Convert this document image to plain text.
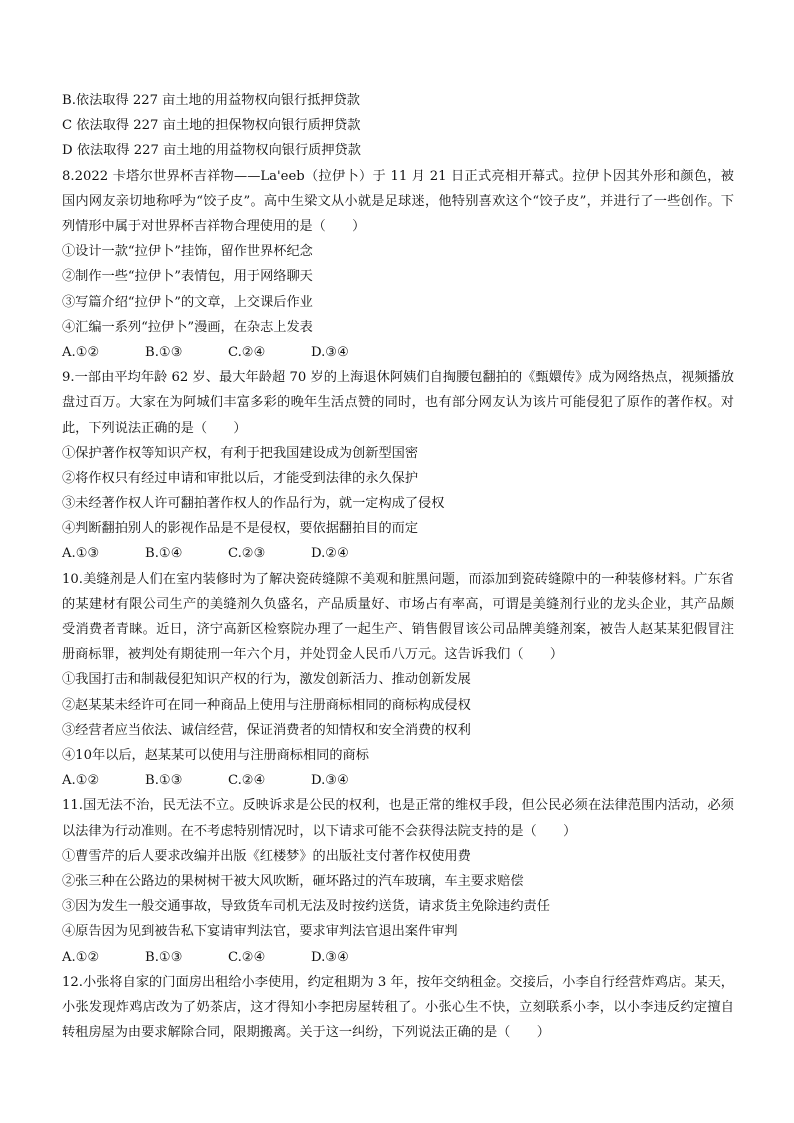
B.依法取得 227 亩土地的用益物权向银行抵押贷款
C 依法取得 227 亩土地的担保物权向银行质押贷款
D 依法取得 227 亩土地的用益物权向银行质押贷款
8.2022 卡塔尔世界杯吉祥物——La'eeb（拉伊卜）于 11 月 21 日正式亮相开幕式。拉伊卜因其外形和颜色，被国内网友亲切地称呼为“饺子皮”。高中生梁文从小就是足球迷，他特别喜欢这个“饺子皮”，并进行了一些创作。下列情形中属于对世界杯吉祥物合理使用的是（　　）
①设计一款“拉伊卜”挂饰，留作世界杯纪念
②制作一些“拉伊卜”表情包，用于网络聊天
③写篇介绍“拉伊卜”的文章，上交课后作业
④汇编一系列“拉伊卜”漫画，在杂志上发表
A.①②	B.①③	C.②④	D.③④
9.一部由平均年龄 62 岁、最大年龄超 70 岁的上海退休阿姨们自掏腰包翻拍的《甄嬛传》成为网络热点，视频播放盘过百万。大家在为阿城们丰富多彩的晚年生活点赞的同时，也有部分网友认为该片可能侵犯了原作的著作权。对此，下列说法正确的是（　　）
①保护著作权等知识产权，有利于把我国建设成为创新型国密
②将作权只有经过申请和审批以后，才能受到法律的永久保护
③未经著作权人许可翻拍著作权人的作品行为，就一定构成了侵权
④判断翻拍别人的影视作品是不是侵权，要依据翻拍目的而定
A.①③	B.①④	C.②③	D.②④
10.美缝剂是人们在室内装修时为了解决瓷砖缝隙不美观和脏黑问题，而添加到瓷砖缝隙中的一种装修材料。广东省的某建材有限公司生产的美缝剂久负盛名，产品质量好、市场占有率高，可谓是美缝剂行业的龙头企业，其产品颇受消费者青睐。近日，济宁高新区检察院办理了一起生产、销售假冒该公司品牌美缝剂案，被告人赵某某犯假冒注册商标罪，被判处有期徒刑一年六个月，并处罚金人民币八万元。这告诉我们（　　）
①我国打击和制裁侵犯知识产权的行为，激发创新活力、推动创新发展
②赵某某未经许可在同一种商品上使用与注册商标相同的商标构成侵权
③经营者应当依法、诚信经营，保证消费者的知情权和安全消费的权利
④10年以后，赵某某可以使用与注册商标相同的商标
A.①②	B.①③	C.②④	D.③④
11.国无法不治，民无法不立。反映诉求是公民的权利，也是正常的维权手段，但公民必须在法律范围内活动，必须以法律为行动准则。在不考虑特别情况时，以下请求可能不会获得法院支持的是（　　）
①曹雪芹的后人要求改编并出版《红楼梦》的出版社支付著作权使用费
②张三种在公路边的果树树干被大风吹断，砸坏路过的汽车玻璃，车主要求赔偿
③因为发生一般交通事故，导致货车司机无法及时按约送货，请求货主免除违约责任
④原告因为见到被告私下宴请审判法官，要求审判法官退出案件审判
A.①②	B.①③	C.②④	D.③④
12.小张将自家的门面房出租给小李使用，约定租期为 3 年，按年交纳租金。交接后，小李自行经营炸鸡店。某天，小张发现炸鸡店改为了奶茶店，这才得知小李把房屋转租了。小张心生不快，立刻联系小李，以小李违反约定擅自转租房屋为由要求解除合同，限期搬离。关于这一纠纷，下列说法正确的是（　　）
